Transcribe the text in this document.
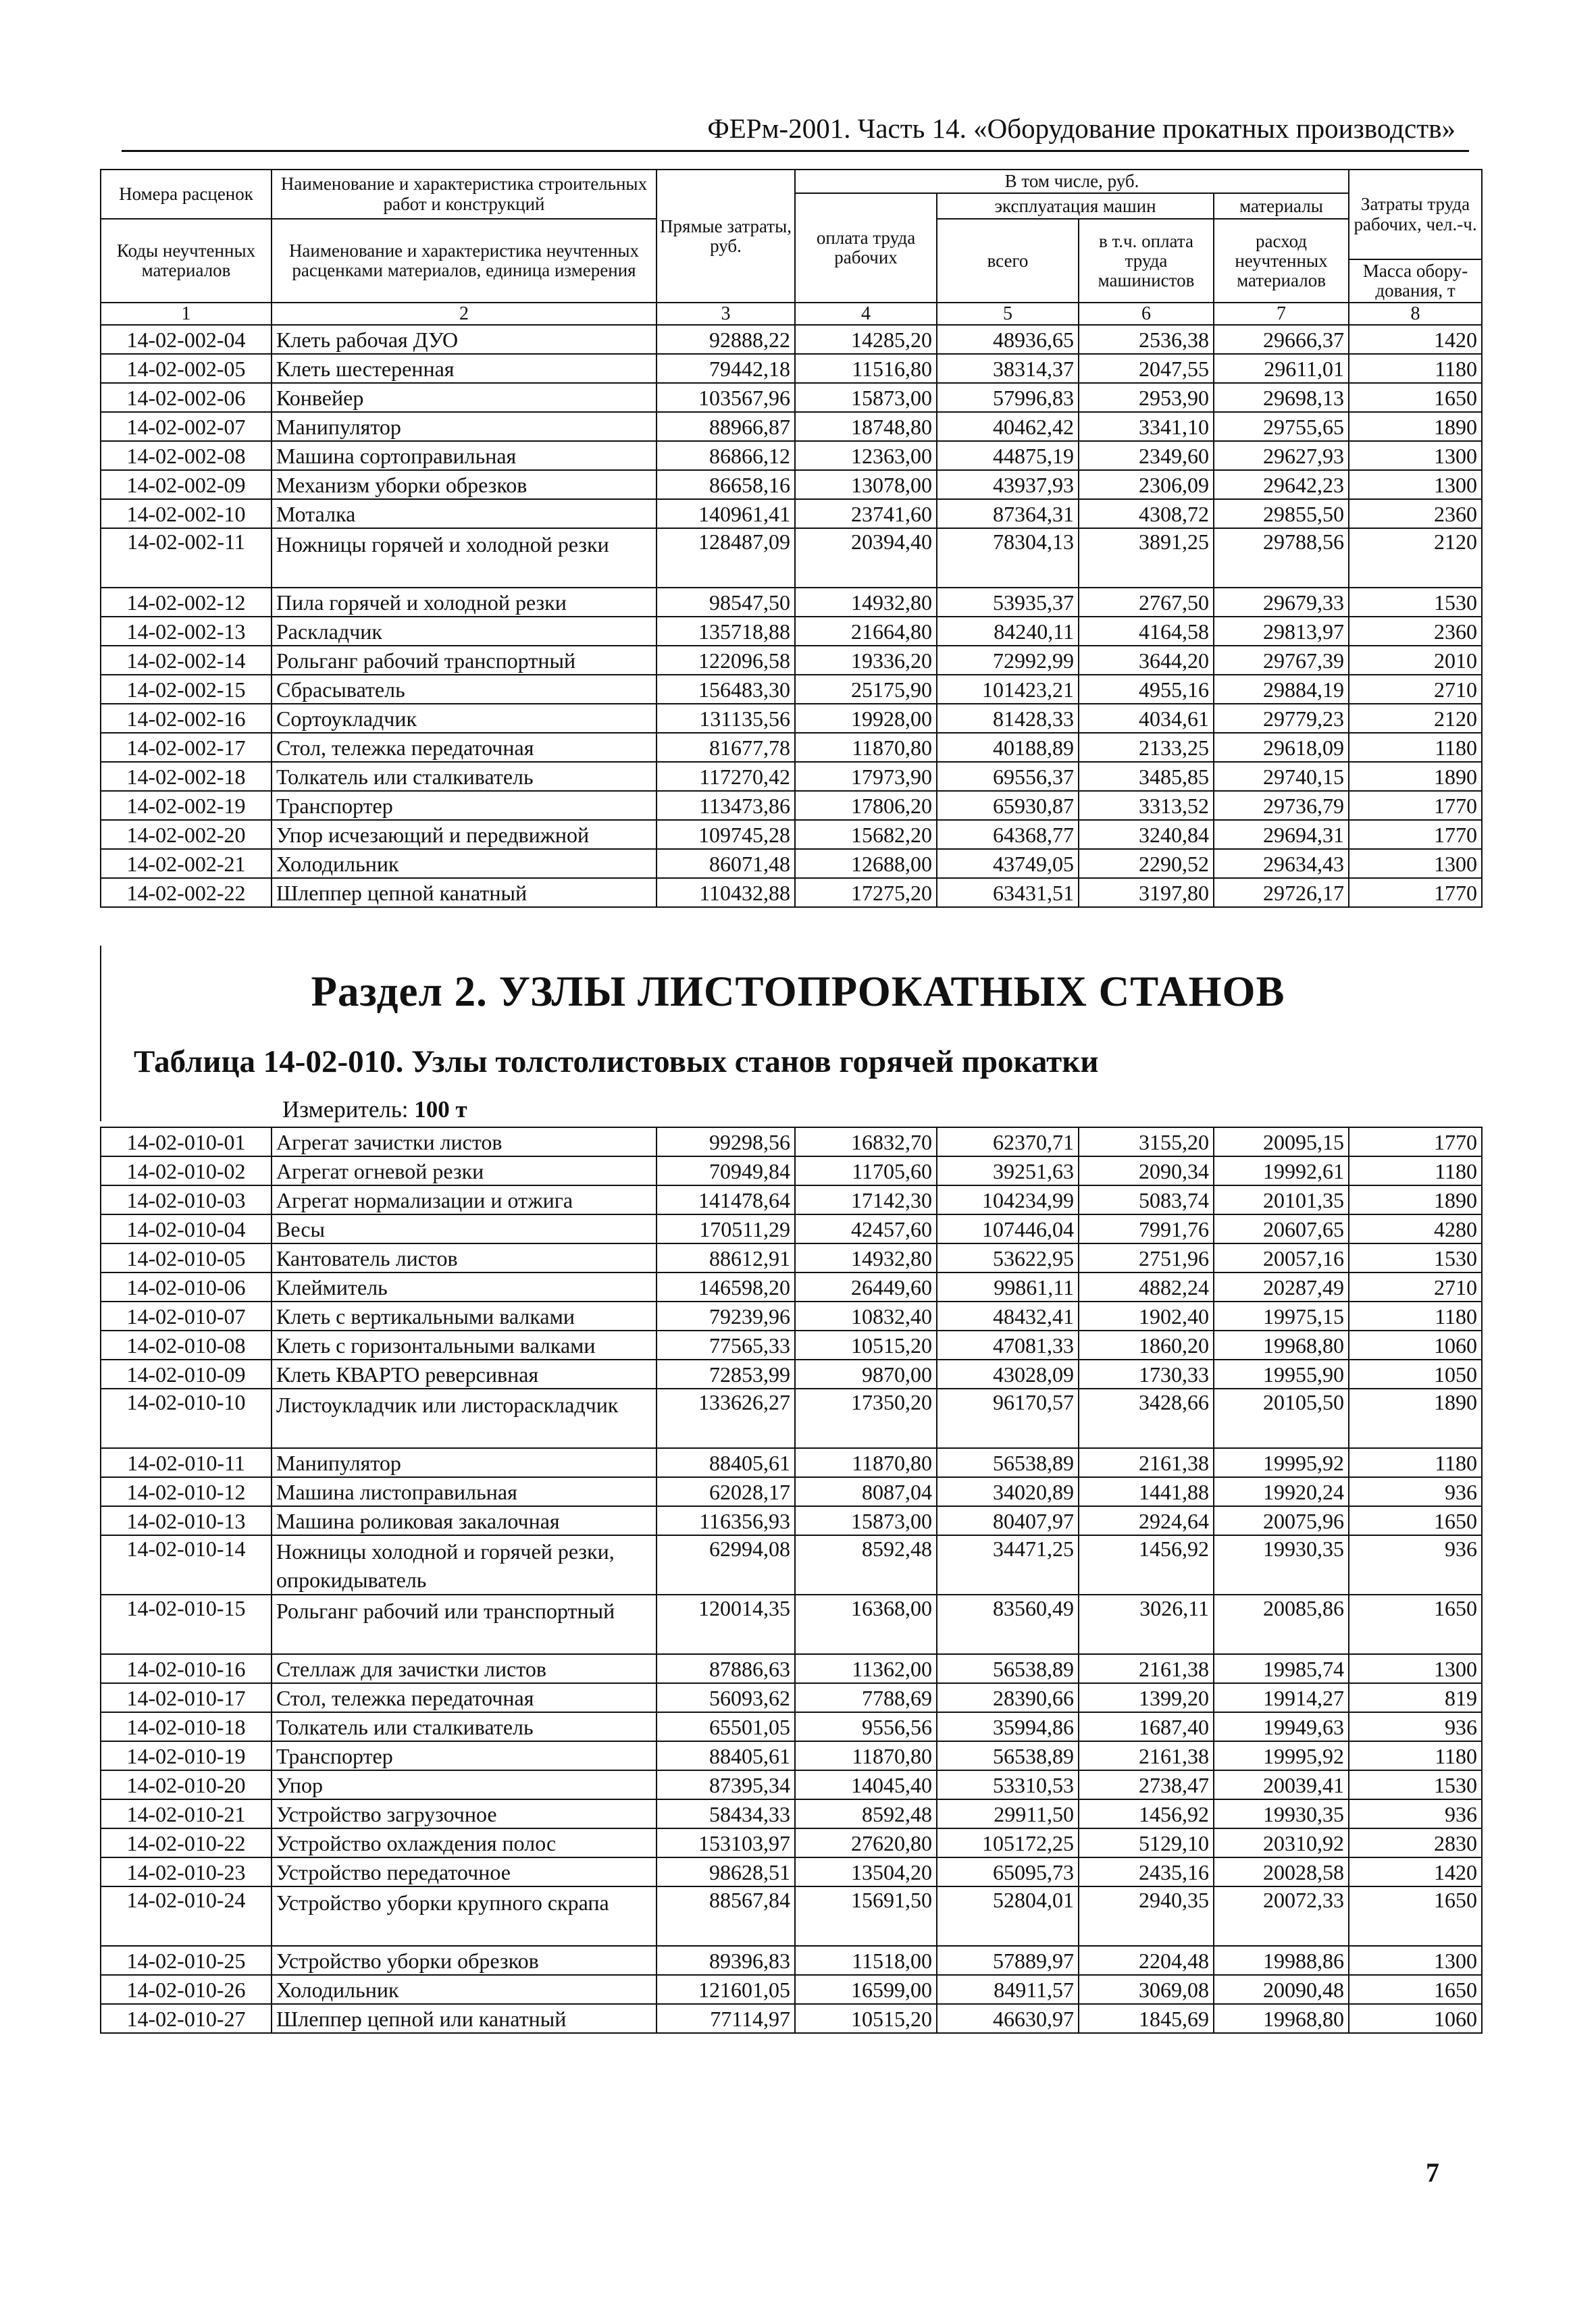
ФЕРм-2001. Часть 14. «Оборудование прокатных производств»
Номера расценок	Наименование и характеристика строительных работ и конструкций	Прямые затраты, руб.	В том числе, руб.				Затраты труда рабочих, чел.-ч.
			оплата труда рабочих	эксплуатация машин		материалы	
Коды неучтенных материалов	Наименование и характеристика неучтенных расценками материалов, единица измерения			всего	в т.ч. оплата труда машинистов	расход неучтенных материалов	
							Масса обору-дования, т
1	2	3	4	5	6	7	8
14-02-002-04	Клеть рабочая ДУО	92888,22	14285,20	48936,65	2536,38	29666,37	1420
14-02-002-05	Клеть шестеренная	79442,18	11516,80	38314,37	2047,55	29611,01	1180
14-02-002-06	Конвейер	103567,96	15873,00	57996,83	2953,90	29698,13	1650
14-02-002-07	Манипулятор	88966,87	18748,80	40462,42	3341,10	29755,65	1890
14-02-002-08	Машина сортоправильная	86866,12	12363,00	44875,19	2349,60	29627,93	1300
14-02-002-09	Механизм уборки обрезков	86658,16	13078,00	43937,93	2306,09	29642,23	1300
14-02-002-10	Моталка	140961,41	23741,60	87364,31	4308,72	29855,50	2360
14-02-002-11	Ножницы горячей и холодной резки	128487,09	20394,40	78304,13	3891,25	29788,56	2120
14-02-002-12	Пила горячей и холодной резки	98547,50	14932,80	53935,37	2767,50	29679,33	1530
14-02-002-13	Раскладчик	135718,88	21664,80	84240,11	4164,58	29813,97	2360
14-02-002-14	Рольганг рабочий транспортный	122096,58	19336,20	72992,99	3644,20	29767,39	2010
14-02-002-15	Сбрасыватель	156483,30	25175,90	101423,21	4955,16	29884,19	2710
14-02-002-16	Сортоукладчик	131135,56	19928,00	81428,33	4034,61	29779,23	2120
14-02-002-17	Стол, тележка передаточная	81677,78	11870,80	40188,89	2133,25	29618,09	1180
14-02-002-18	Толкатель или сталкиватель	117270,42	17973,90	69556,37	3485,85	29740,15	1890
14-02-002-19	Транспортер	113473,86	17806,20	65930,87	3313,52	29736,79	1770
14-02-002-20	Упор исчезающий и передвижной	109745,28	15682,20	64368,77	3240,84	29694,31	1770
14-02-002-21	Холодильник	86071,48	12688,00	43749,05	2290,52	29634,43	1300
14-02-002-22	Шлеппер цепной канатный	110432,88	17275,20	63431,51	3197,80	29726,17	1770
Раздел 2. УЗЛЫ ЛИСТОПРОКАТНЫХ СТАНОВ
Таблица 14-02-010. Узлы толстолистовых станов горячей прокатки
Измеритель: 100 т
14-02-010-01	Агрегат зачистки листов	99298,56	16832,70	62370,71	3155,20	20095,15	1770
14-02-010-02	Агрегат огневой резки	70949,84	11705,60	39251,63	2090,34	19992,61	1180
14-02-010-03	Агрегат нормализации и отжига	141478,64	17142,30	104234,99	5083,74	20101,35	1890
14-02-010-04	Весы	170511,29	42457,60	107446,04	7991,76	20607,65	4280
14-02-010-05	Кантователь листов	88612,91	14932,80	53622,95	2751,96	20057,16	1530
14-02-010-06	Клеймитель	146598,20	26449,60	99861,11	4882,24	20287,49	2710
14-02-010-07	Клеть с вертикальными валками	79239,96	10832,40	48432,41	1902,40	19975,15	1180
14-02-010-08	Клеть с горизонтальными валками	77565,33	10515,20	47081,33	1860,20	19968,80	1060
14-02-010-09	Клеть КВАРТО реверсивная	72853,99	9870,00	43028,09	1730,33	19955,90	1050
14-02-010-10	Листоукладчик или листораскладчик	133626,27	17350,20	96170,57	3428,66	20105,50	1890
14-02-010-11	Манипулятор	88405,61	11870,80	56538,89	2161,38	19995,92	1180
14-02-010-12	Машина листоправильная	62028,17	8087,04	34020,89	1441,88	19920,24	936
14-02-010-13	Машина роликовая закалочная	116356,93	15873,00	80407,97	2924,64	20075,96	1650
14-02-010-14	Ножницы холодной и горячей резки, опрокидыватель	62994,08	8592,48	34471,25	1456,92	19930,35	936
14-02-010-15	Рольганг рабочий или транспортный	120014,35	16368,00	83560,49	3026,11	20085,86	1650
14-02-010-16	Стеллаж для зачистки листов	87886,63	11362,00	56538,89	2161,38	19985,74	1300
14-02-010-17	Стол, тележка передаточная	56093,62	7788,69	28390,66	1399,20	19914,27	819
14-02-010-18	Толкатель или сталкиватель	65501,05	9556,56	35994,86	1687,40	19949,63	936
14-02-010-19	Транспортер	88405,61	11870,80	56538,89	2161,38	19995,92	1180
14-02-010-20	Упор	87395,34	14045,40	53310,53	2738,47	20039,41	1530
14-02-010-21	Устройство загрузочное	58434,33	8592,48	29911,50	1456,92	19930,35	936
14-02-010-22	Устройство охлаждения полос	153103,97	27620,80	105172,25	5129,10	20310,92	2830
14-02-010-23	Устройство передаточное	98628,51	13504,20	65095,73	2435,16	20028,58	1420
14-02-010-24	Устройство уборки крупного скрапа	88567,84	15691,50	52804,01	2940,35	20072,33	1650
14-02-010-25	Устройство уборки обрезков	89396,83	11518,00	57889,97	2204,48	19988,86	1300
14-02-010-26	Холодильник	121601,05	16599,00	84911,57	3069,08	20090,48	1650
14-02-010-27	Шлеппер цепной или канатный	77114,97	10515,20	46630,97	1845,69	19968,80	1060
7
